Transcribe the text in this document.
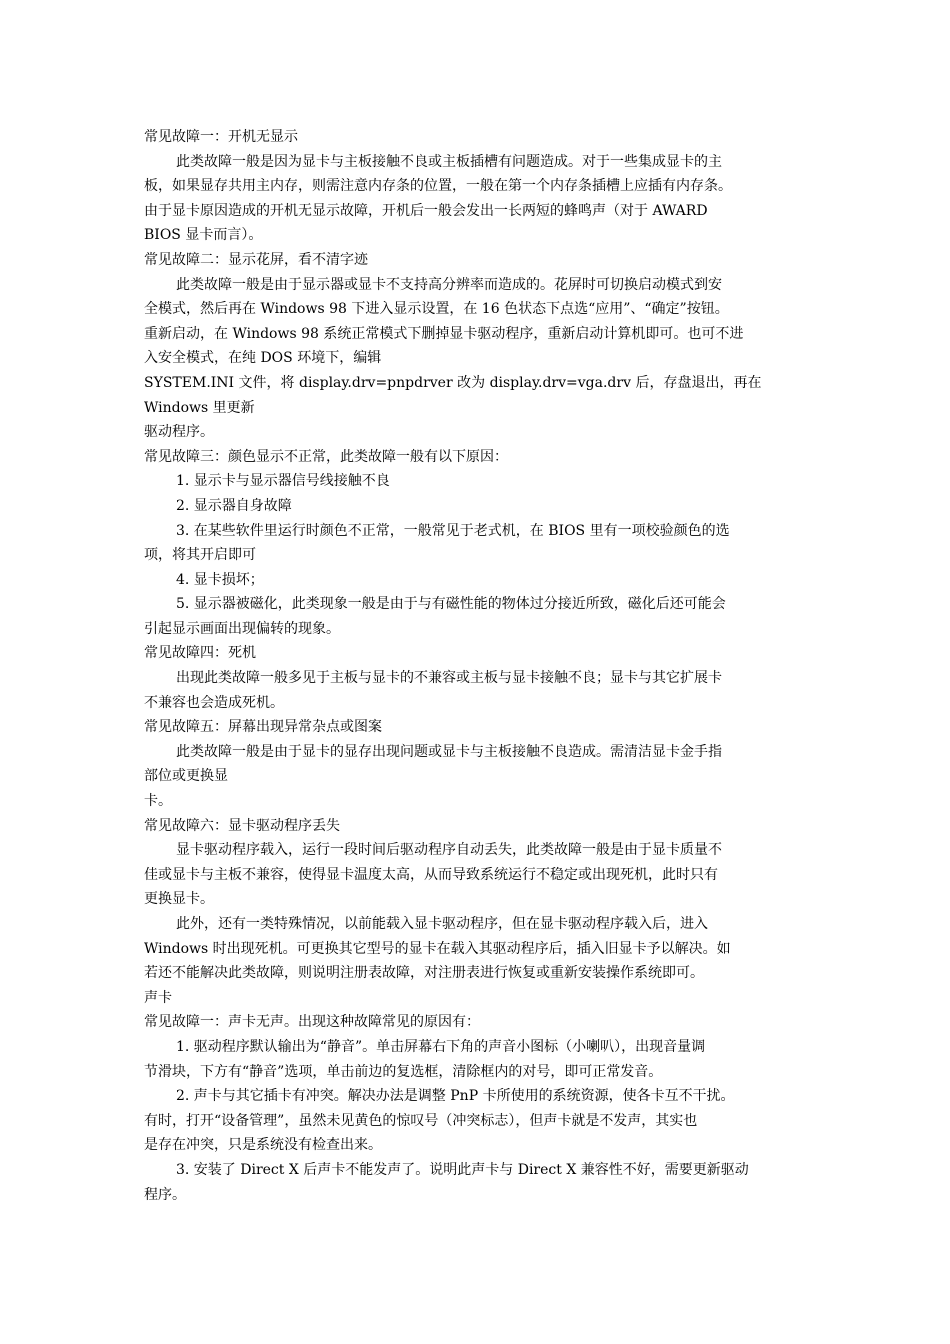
常见故障一：开机无显示
此类故障一般是因为显卡与主板接触不良或主板插槽有问题造成。对于一些集成显卡的主
板，如果显存共用主内存，则需注意内存条的位置，一般在第一个内存条插槽上应插有内存条。
由于显卡原因造成的开机无显示故障，开机后一般会发出一长两短的蜂鸣声（对于 AWARD
BIOS 显卡而言）。
常见故障二：显示花屏，看不清字迹
此类故障一般是由于显示器或显卡不支持高分辨率而造成的。花屏时可切换启动模式到安
全模式，然后再在 Windows 98 下进入显示设置，在 16 色状态下点选“应用”、“确定”按钮。
重新启动，在 Windows 98 系统正常模式下删掉显卡驱动程序，重新启动计算机即可。也可不进
入安全模式，在纯 DOS 环境下，编辑
SYSTEM.INI 文件，将 display.drv=pnpdrver 改为 display.drv=vga.drv 后，存盘退出，再在
Windows 里更新
驱动程序。
常见故障三：颜色显示不正常，此类故障一般有以下原因：
1. 显示卡与显示器信号线接触不良
2. 显示器自身故障
3. 在某些软件里运行时颜色不正常，一般常见于老式机，在 BIOS 里有一项校验颜色的选
项，将其开启即可
4. 显卡损坏；
5. 显示器被磁化，此类现象一般是由于与有磁性能的物体过分接近所致，磁化后还可能会
引起显示画面出现偏转的现象。
常见故障四：死机
出现此类故障一般多见于主板与显卡的不兼容或主板与显卡接触不良；显卡与其它扩展卡
不兼容也会造成死机。
常见故障五：屏幕出现异常杂点或图案
此类故障一般是由于显卡的显存出现问题或显卡与主板接触不良造成。需清洁显卡金手指
部位或更换显
卡。
常见故障六：显卡驱动程序丢失
显卡驱动程序载入，运行一段时间后驱动程序自动丢失，此类故障一般是由于显卡质量不
佳或显卡与主板不兼容，使得显卡温度太高，从而导致系统运行不稳定或出现死机，此时只有
更换显卡。
此外，还有一类特殊情况，以前能载入显卡驱动程序，但在显卡驱动程序载入后，进入
Windows 时出现死机。可更换其它型号的显卡在载入其驱动程序后，插入旧显卡予以解决。如
若还不能解决此类故障，则说明注册表故障，对注册表进行恢复或重新安装操作系统即可。
声卡
常见故障一：声卡无声。出现这种故障常见的原因有：
1. 驱动程序默认输出为“静音”。单击屏幕右下角的声音小图标（小喇叭），出现音量调
节滑块，下方有“静音”选项，单击前边的复选框，清除框内的对号，即可正常发音。
2. 声卡与其它插卡有冲突。解决办法是调整 PnP 卡所使用的系统资源，使各卡互不干扰。
有时，打开“设备管理”，虽然未见黄色的惊叹号（冲突标志），但声卡就是不发声，其实也
是存在冲突，只是系统没有检查出来。
3. 安装了 Direct X 后声卡不能发声了。说明此声卡与 Direct X 兼容性不好，需要更新驱动
程序。
